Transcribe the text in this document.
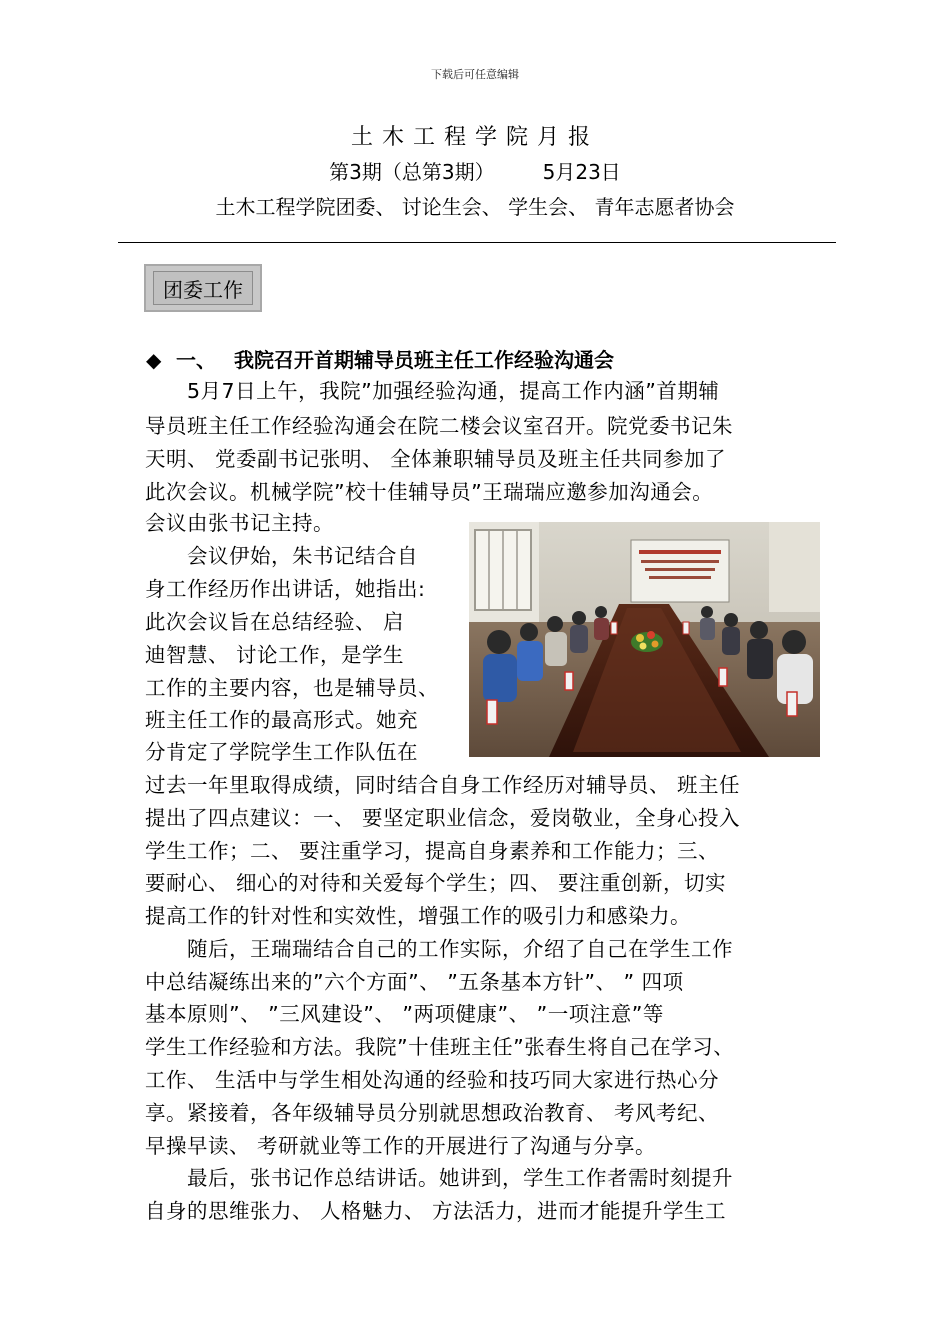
下载后可任意编辑
土木工程学院月报
第3期（总第3期） 5月23日
土木工程学院团委、 讨论生会、 学生会、 青年志愿者协会
团委工作
◆ 一、 我院召开首期辅导员班主任工作经验沟通会
　　5月7日上午，我院”加强经验沟通，提高工作内涵”首期辅
导员班主任工作经验沟通会在院二楼会议室召开。院党委书记朱
天明、 党委副书记张明、 全体兼职辅导员及班主任共同参加了
此次会议。机械学院”校十佳辅导员”王瑞瑞应邀参加沟通会。
会议由张书记主持。
　　会议伊始，朱书记结合自
身工作经历作出讲话，她指出:
此次会议旨在总结经验、 启
迪智慧、 讨论工作，是学生
工作的主要内容，也是辅导员、
班主任工作的最高形式。她充
分肯定了学院学生工作队伍在
过去一年里取得成绩，同时结合自身工作经历对辅导员、 班主任
提出了四点建议：一、 要坚定职业信念，爱岗敬业，全身心投入
学生工作；二、 要注重学习，提高自身素养和工作能力；三、
要耐心、 细心的对待和关爱每个学生；四、 要注重创新，切实
提高工作的针对性和实效性，增强工作的吸引力和感染力。
　　随后，王瑞瑞结合自己的工作实际，介绍了自己在学生工作
中总结凝练出来的”六个方面”、 ”五条基本方针”、 ” 四项
基本原则”、 ”三风建设”、 ”两项健康”、 ”一项注意”等
学生工作经验和方法。我院”十佳班主任”张春生将自己在学习、
工作、 生活中与学生相处沟通的经验和技巧同大家进行热心分
享。紧接着，各年级辅导员分别就思想政治教育、 考风考纪、
早操早读、 考研就业等工作的开展进行了沟通与分享。
　　最后，张书记作总结讲话。她讲到，学生工作者需时刻提升
自身的思维张力、 人格魅力、 方法活力，进而才能提升学生工
